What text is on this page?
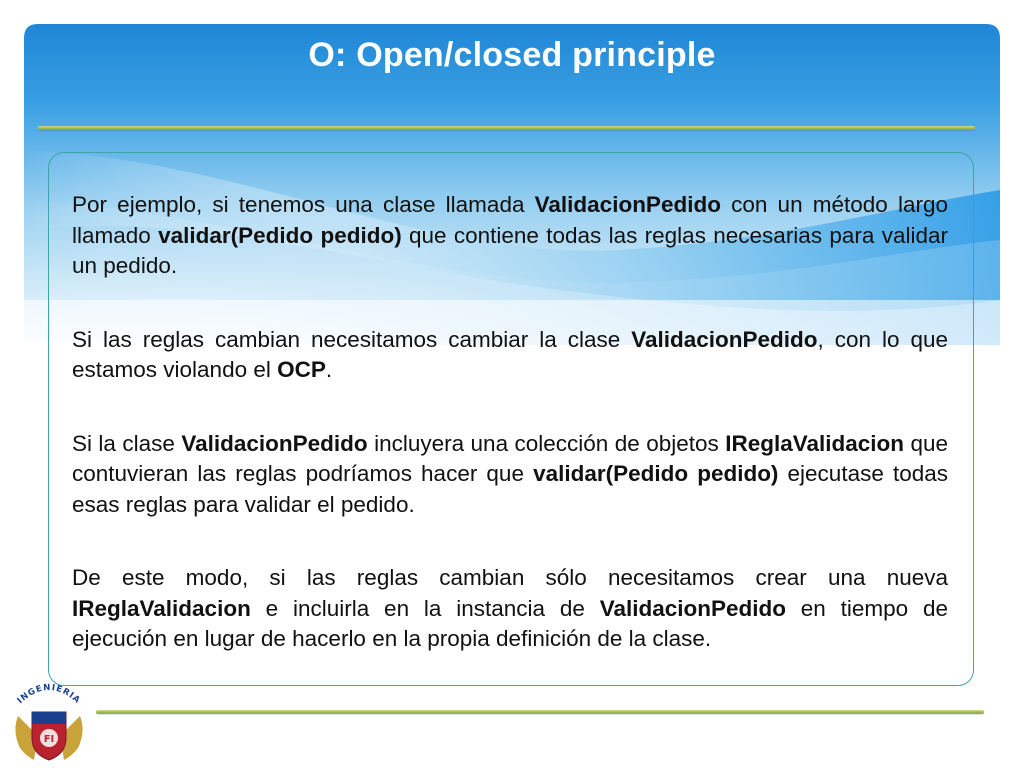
O: Open/closed principle

Por ejemplo, si tenemos una clase llamada ValidacionPedido con un método largo llamado validar(Pedido pedido) que contiene todas las reglas necesarias para validar un pedido.

Si las reglas cambian necesitamos cambiar la clase ValidacionPedido, con lo que estamos violando el OCP.

Si la clase ValidacionPedido incluyera una colección de objetos IReglaValidacion que contuvieran las reglas podríamos hacer que validar(Pedido pedido) ejecutase todas esas reglas para validar el pedido.

De este modo, si las reglas cambian sólo necesitamos crear una nueva IReglaValidacion e incluirla en la instancia de ValidacionPedido en tiempo de ejecución en lugar de hacerlo en la propia definición de la clase.

INGENIERIA
FI
